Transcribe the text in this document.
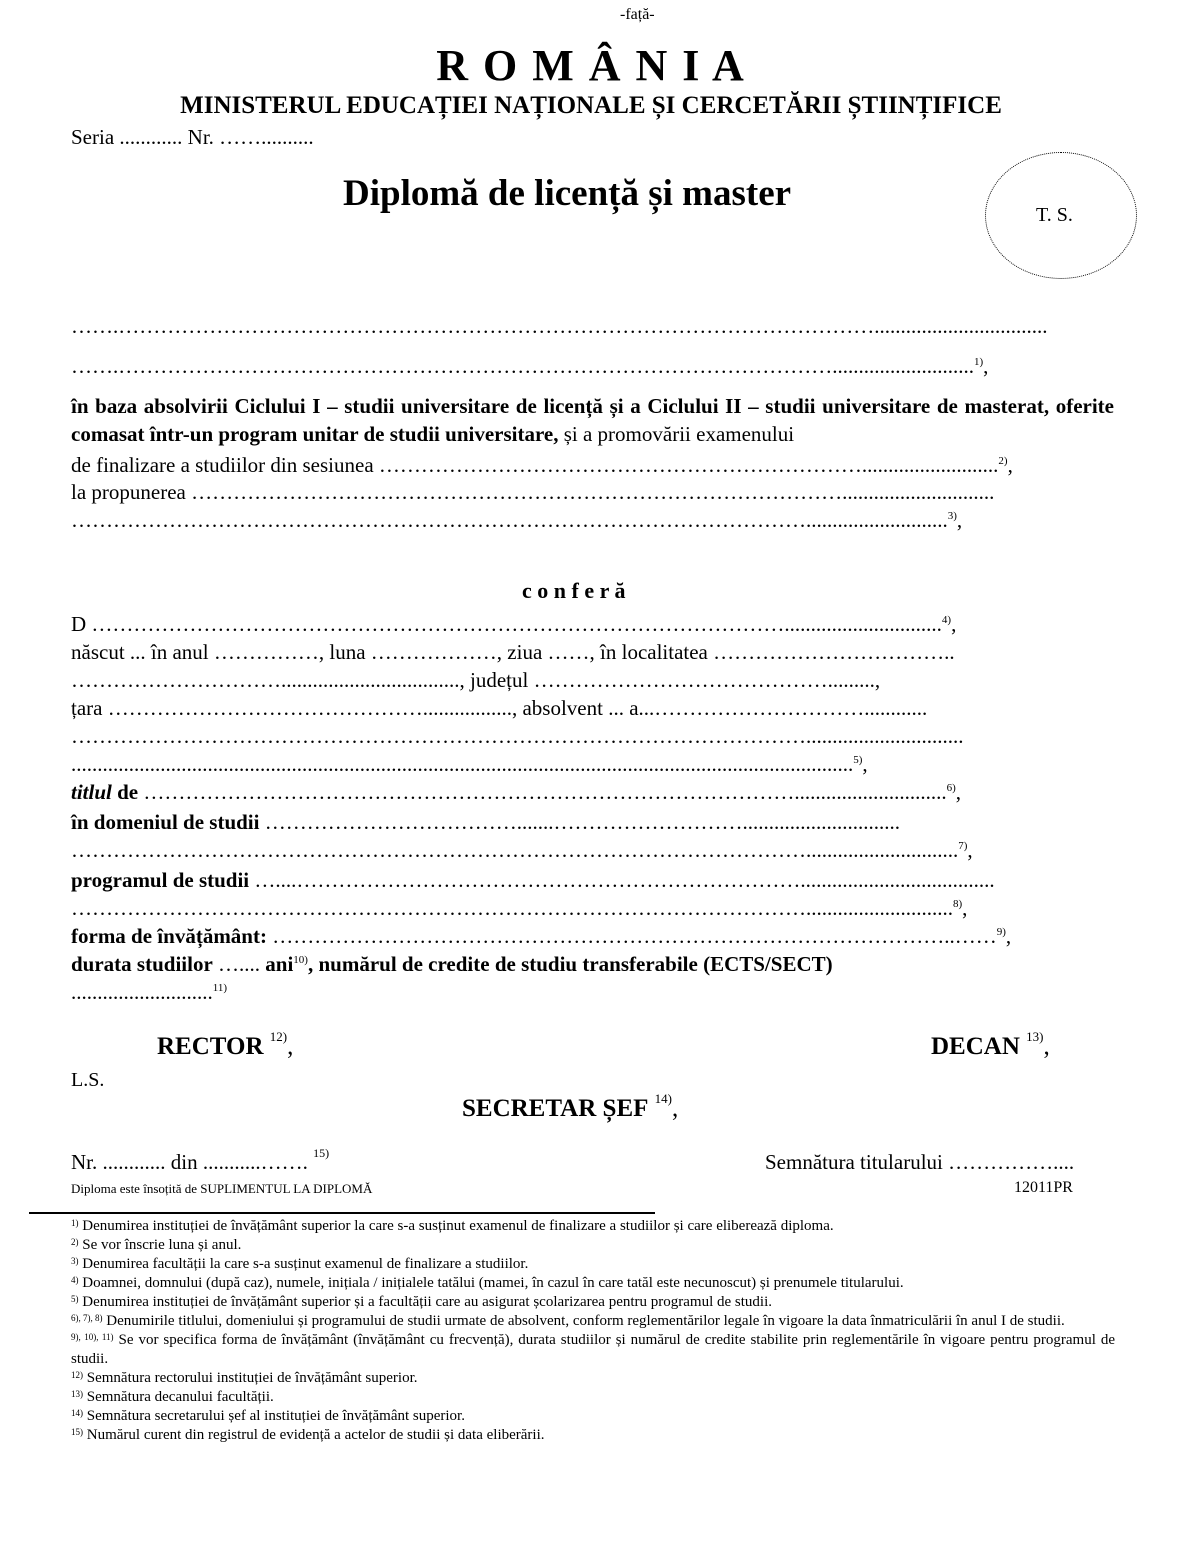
-față-
R O M Â N I A
MINISTERUL EDUCAȚIEI NAȚIONALE ȘI CERCETĂRII ȘTIINȚIFICE
Seria ............ Nr. ……..........
Diplomă de licență și master
T. S.
…….……………………………………………………………………………………………….................................
…….…………………………………………………………………………………………...........................$^{1)}$,
în baza absolvirii Ciclului I – studii universitare de licență și a Ciclului II – studii universitare de masterat, oferite comasat într-un program unitar de studii universitare, și a promovării examenului
de finalizare a studiilor din sesiunea ……………………………………………………………..........................$^{2)}$,
la propunerea ………………………………………………………………………………….............................
……………………………………………………………………………………………...........................$^{3)}$,
c o n f e r ă
D ………………………………………………………………………………………..............................$^{4)}$,
născut ... în anul ……………, luna ………………, ziua ……, în localitatea ……………………………..
………………………….................................., județul …………………………………….........,
țara ………………………………………................., absolvent ... a...…………………………............
……………………………………………………………………………………………..............................
.....................................................................................................................................................$^{5)}$,
titlul de ………………………………………………………………………………….............................$^{6)}$,
în domeniul de studii ……………………………….......………………………..............................
…………………………………………………………………………………………….............................$^{7)}$,
programul de studii …....……………………………………………………………….....................................
……………………………………………………………………………………………............................$^{8)}$,
forma de învățământ: ……………………………………………………………………………………..……$^{9)}$,
durata studiilor ….... ani$^{10)}$, numărul de credite de studiu transferabile (ECTS/SECT)
...........................$^{11)}$
RECTOR $^{12)}$,	DECAN $^{13)}$,
L.S.
SECRETAR ȘEF $^{14)}$,
Nr. ............ din ...........……. $^{15)}$	Semnătura titularului ……………....
Diploma este însoțită de SUPLIMENTUL LA DIPLOMĂ	12011PR
$^{1)}$ Denumirea instituției de învățământ superior la care s-a susținut examenul de finalizare a studiilor și care eliberează diploma.
$^{2)}$ Se vor înscrie luna și anul.
$^{3)}$ Denumirea facultății la care s-a susținut examenul de finalizare a studiilor.
$^{4)}$ Doamnei, domnului (după caz), numele, inițiala / inițialele tatălui (mamei, în cazul în care tatăl este necunoscut) și prenumele titularului.
$^{5)}$ Denumirea instituției de învățământ superior și a facultății care au asigurat școlarizarea pentru programul de studii.
$^{6), 7), 8)}$ Denumirile titlului, domeniului și programului de studii urmate de absolvent, conform reglementărilor legale în vigoare la data înmatriculării în anul I de studii.
$^{9), 10), 11)}$ Se vor specifica forma de învățământ (învățământ cu frecvență), durata studiilor și numărul de credite stabilite prin reglementările în vigoare pentru programul de studii.
$^{12)}$ Semnătura rectorului instituției de învățământ superior.
$^{13)}$ Semnătura decanului facultății.
$^{14)}$ Semnătura secretarului șef al instituției de învățământ superior.
$^{15)}$ Numărul curent din registrul de evidență a actelor de studii și data eliberării.
